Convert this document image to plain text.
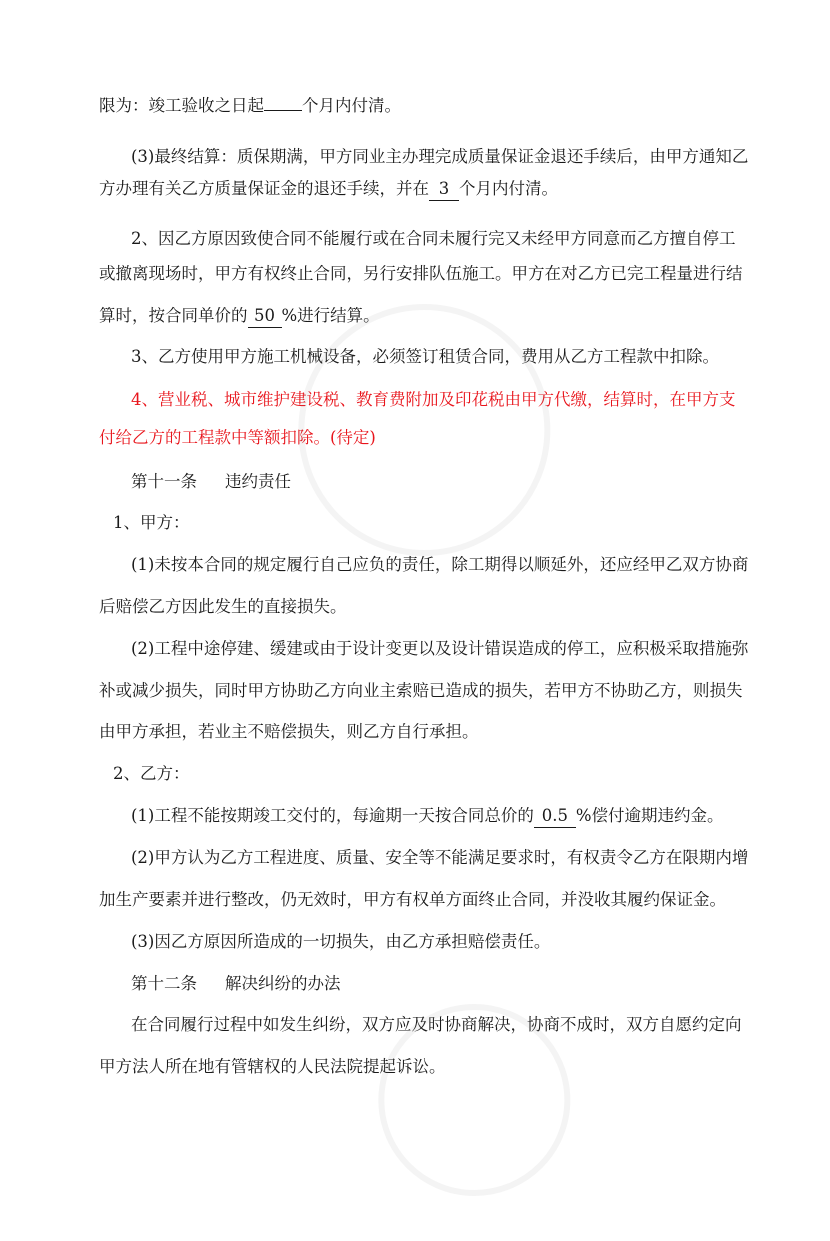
限为：竣工验收之日起 个月内付清。
(3)最终结算：质保期满，甲方同业主办理完成质量保证金退还手续后，由甲方通知乙
方办理有关乙方质量保证金的退还手续，并在 3 个月内付清。
2、因乙方原因致使合同不能履行或在合同未履行完又未经甲方同意而乙方擅自停工
或撤离现场时，甲方有权终止合同，另行安排队伍施工。甲方在对乙方已完工程量进行结
算时，按合同单价的 50 %进行结算。
3、乙方使用甲方施工机械设备，必须签订租赁合同，费用从乙方工程款中扣除。
4、营业税、城市维护建设税、教育费附加及印花税由甲方代缴，结算时，在甲方支
付给乙方的工程款中等额扣除。(待定)
第十一条 违约责任
1、甲方：
(1)未按本合同的规定履行自己应负的责任，除工期得以顺延外，还应经甲乙双方协商
后赔偿乙方因此发生的直接损失。
(2)工程中途停建、缓建或由于设计变更以及设计错误造成的停工，应积极采取措施弥
补或减少损失，同时甲方协助乙方向业主索赔已造成的损失，若甲方不协助乙方，则损失
由甲方承担，若业主不赔偿损失，则乙方自行承担。
2、乙方：
(1)工程不能按期竣工交付的，每逾期一天按合同总价的 0.5 %偿付逾期违约金。
(2)甲方认为乙方工程进度、质量、安全等不能满足要求时，有权责令乙方在限期内增
加生产要素并进行整改，仍无效时，甲方有权单方面终止合同，并没收其履约保证金。
(3)因乙方原因所造成的一切损失，由乙方承担赔偿责任。
第十二条 解决纠纷的办法
在合同履行过程中如发生纠纷，双方应及时协商解决，协商不成时，双方自愿约定向
甲方法人所在地有管辖权的人民法院提起诉讼。
